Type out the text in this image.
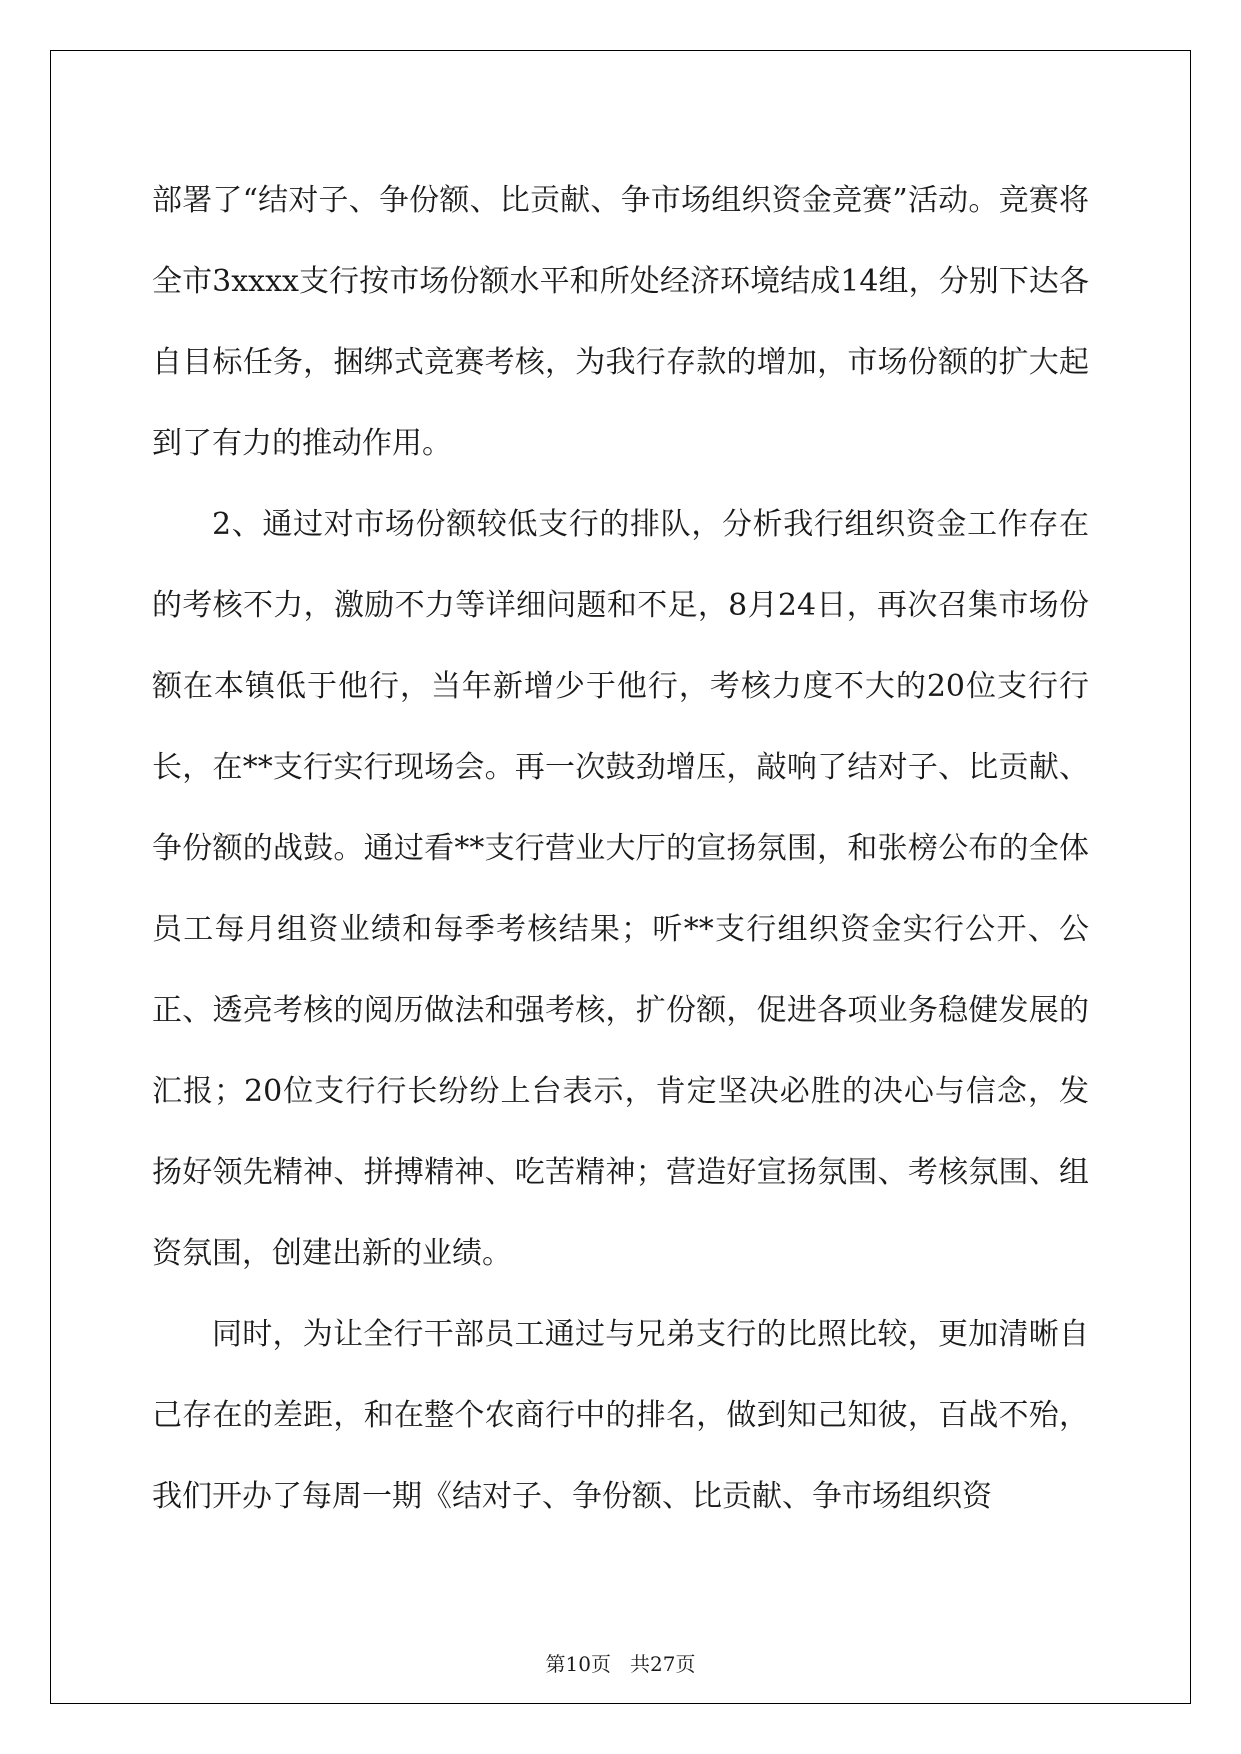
部署了“结对子、争份额、比贡献、争市场组织资金竞赛”活动。竞赛将全市3xxxx支行按市场份额水平和所处经济环境结成14组，分别下达各自目标任务，捆绑式竞赛考核，为我行存款的增加，市场份额的扩大起到了有力的推动作用。

2、通过对市场份额较低支行的排队，分析我行组织资金工作存在的考核不力，激励不力等详细问题和不足，8月24日，再次召集市场份额在本镇低于他行，当年新增少于他行，考核力度不大的20位支行行长，在**支行实行现场会。再一次鼓劲增压，敲响了结对子、比贡献、争份额的战鼓。通过看**支行营业大厅的宣扬氛围，和张榜公布的全体员工每月组资业绩和每季考核结果；听**支行组织资金实行公开、公正、透亮考核的阅历做法和强考核，扩份额，促进各项业务稳健发展的汇报；20位支行行长纷纷上台表示，肯定坚决必胜的决心与信念，发扬好领先精神、拼搏精神、吃苦精神；营造好宣扬氛围、考核氛围、组资氛围，创建出新的业绩。

同时，为让全行干部员工通过与兄弟支行的比照比较，更加清晰自己存在的差距，和在整个农商行中的排名，做到知己知彼，百战不殆，我们开办了每周一期《结对子、争份额、比贡献、争市场组织资

第10页 共27页
